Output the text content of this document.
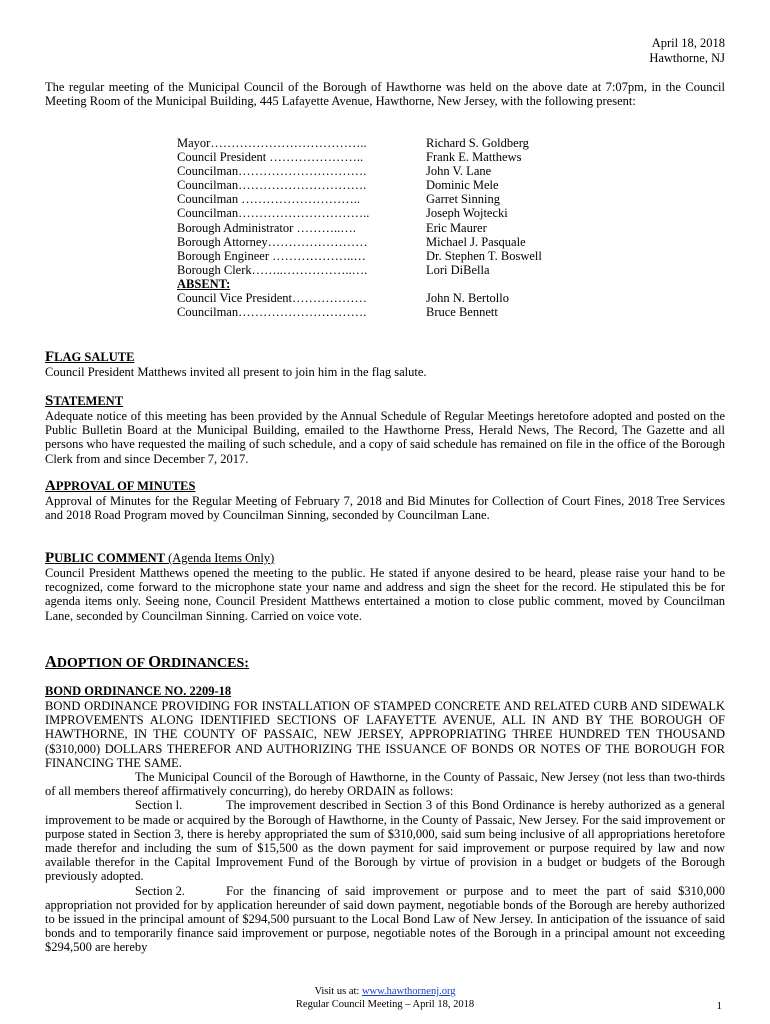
April 18, 2018
Hawthorne, NJ

The regular meeting of the Municipal Council of the Borough of Hawthorne was held on the above date at 7:07pm, in the Council Meeting Room of the Municipal Building, 445 Lafayette Avenue, Hawthorne, New Jersey, with the following present:

Mayor………………………………..	Richard S. Goldberg
Council President …………………..	Frank E. Matthews
Councilman………………………….	John V. Lane
Councilman………………………….	Dominic Mele
Councilman ………………………..	Garret Sinning
Councilman…………………………..	Joseph Wojtecki
Borough Administrator ………..….	Eric Maurer
Borough Attorney……………………	Michael J. Pasquale
Borough Engineer ………………..…	Dr. Stephen T. Boswell
Borough Clerk……..……………..….	Lori DiBella
ABSENT:
Council Vice President………………	John N. Bertollo
Councilman………………………….	Bruce Bennett

FLAG SALUTE

Council President Matthews invited all present to join him in the flag salute.

STATEMENT

Adequate notice of this meeting has been provided by the Annual Schedule of Regular Meetings heretofore adopted and posted on the Public Bulletin Board at the Municipal Building, emailed to the Hawthorne Press, Herald News, The Record, The Gazette and all persons who have requested the mailing of such schedule, and a copy of said schedule has remained on file in the office of the Borough Clerk from and since December 7, 2017.

APPROVAL OF MINUTES

Approval of Minutes for the Regular Meeting of February 7, 2018 and Bid Minutes for Collection of Court Fines, 2018 Tree Services and 2018 Road Program moved by Councilman Sinning, seconded by Councilman Lane.

PUBLIC COMMENT (Agenda Items Only)

Council President Matthews opened the meeting to the public. He stated if anyone desired to be heard, please raise your hand to be recognized, come forward to the microphone state your name and address and sign the sheet for the record. He stipulated this be for agenda items only. Seeing none, Council President Matthews entertained a motion to close public comment, moved by Councilman Lane, seconded by Councilman Sinning. Carried on voice vote.

ADOPTION OF ORDINANCES:

BOND ORDINANCE NO. 2209-18

BOND ORDINANCE PROVIDING FOR INSTALLATION OF STAMPED CONCRETE AND RELATED CURB AND SIDEWALK IMPROVEMENTS ALONG IDENTIFIED SECTIONS OF LAFAYETTE AVENUE, ALL IN AND BY THE BOROUGH OF HAWTHORNE, IN THE COUNTY OF PASSAIC, NEW JERSEY, APPROPRIATING THREE HUNDRED TEN THOUSAND ($310,000) DOLLARS THEREFOR AND AUTHORIZING THE ISSUANCE OF BONDS OR NOTES OF THE BOROUGH FOR FINANCING THE SAME.

The Municipal Council of the Borough of Hawthorne, in the County of Passaic, New Jersey (not less than two-thirds of all members thereof affirmatively concurring), do hereby ORDAIN as follows:

Section l.	The improvement described in Section 3 of this Bond Ordinance is hereby authorized as a general improvement to be made or acquired by the Borough of Hawthorne, in the County of Passaic, New Jersey. For the said improvement or purpose stated in Section 3, there is hereby appropriated the sum of $310,000, said sum being inclusive of all appropriations heretofore made therefor and including the sum of $15,500 as the down payment for said improvement or purpose required by law and now available therefor in the Capital Improvement Fund of the Borough by virtue of provision in a budget or budgets of the Borough previously adopted.

Section 2.	For the financing of said improvement or purpose and to meet the part of said $310,000 appropriation not provided for by application hereunder of said down payment, negotiable bonds of the Borough are hereby authorized to be issued in the principal amount of $294,500 pursuant to the Local Bond Law of New Jersey. In anticipation of the issuance of said bonds and to temporarily finance said improvement or purpose, negotiable notes of the Borough in a principal amount not exceeding $294,500 are hereby

Visit us at: www.hawthornenj.org
Regular Council Meeting – April 18, 2018	1
